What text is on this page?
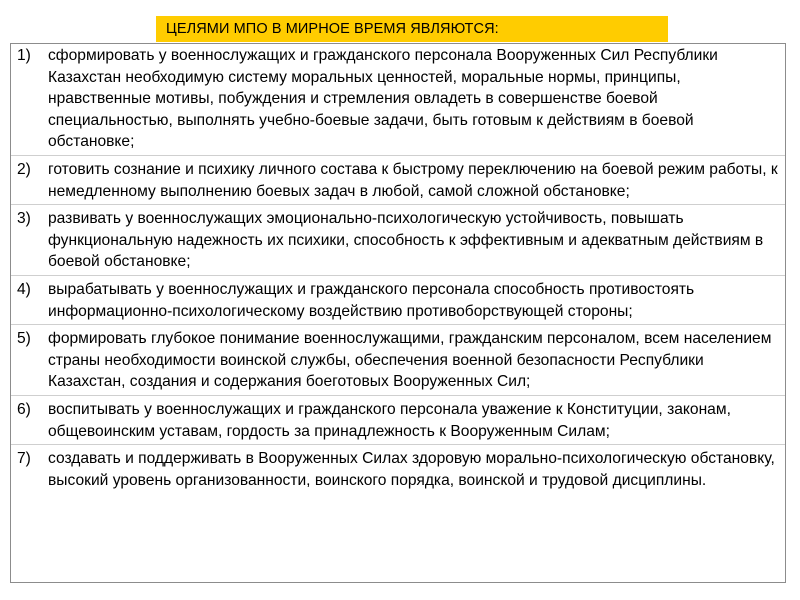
ЦЕЛЯМИ МПО В МИРНОЕ ВРЕМЯ ЯВЛЯЮТСЯ:
1) сформировать у военнослужащих и гражданского персонала Вооруженных Сил Республики Казахстан необходимую систему моральных ценностей, моральные нормы, принципы, нравственные мотивы, побуждения и стремления овладеть в совершенстве боевой специальностью, выполнять учебно-боевые задачи, быть готовым к действиям в боевой обстановке;
2) готовить сознание и психику личного состава к быстрому переключению на боевой режим работы, к немедленному выполнению боевых задач в любой, самой сложной обстановке;
3) развивать у военнослужащих эмоционально-психологическую устойчивость, повышать функциональную надежность их психики, способность к эффективным и адекватным действиям в боевой обстановке;
4) вырабатывать у военнослужащих и гражданского персонала способность противостоять информационно-психологическому воздействию противоборствующей стороны;
5) формировать глубокое понимание военнослужащими, гражданским персоналом, всем населением страны необходимости воинской службы, обеспечения военной безопасности Республики Казахстан, создания и содержания боеготовых Вооруженных Сил;
6) воспитывать у военнослужащих и гражданского персонала уважение к Конституции, законам, общевоинским уставам, гордость за принадлежность к Вооруженным Силам;
7) создавать и поддерживать в Вооруженных Силах здоровую морально-психологическую обстановку, высокий уровень организованности, воинского порядка, воинской и трудовой дисциплины.
